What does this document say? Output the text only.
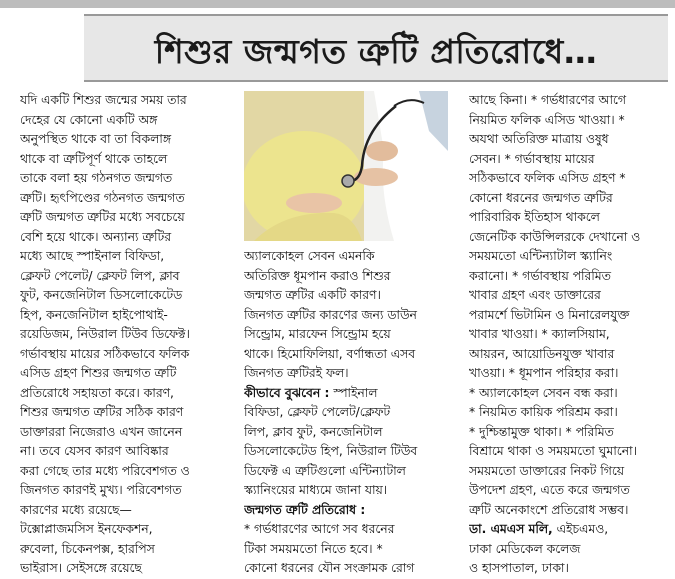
শিশুর জন্মগত ত্রুটি প্রতিরোধে…

যদি একটি শিশুর জন্মের সময় তার

দেহের যে কোনো একটি অঙ্গ

অনুপস্থিত থাকে বা তা বিকলাঙ্গ

থাকে বা ত্রুটিপূর্ণ থাকে তাহলে

তাকে বলা হয় গঠনগত জন্মগত

ত্রুটি। হৃৎপিণ্ডের গঠনগত জন্মগত

ত্রুটি জন্মগত ত্রুটির মধ্যে সবচেয়ে

বেশি হয়ে থাকে। অন্যান্য ত্রুটির

মধ্যে আছে স্পাইনাল বিফিডা,

ক্লেফট পেলেট/ ক্লেফট লিপ, ক্লাব

ফুট, কনজেনিটাল ডিসলোকেটেড

হিপ, কনজেনিটাল হাইপোথাই-

রয়েডিজম, নিউরাল টিউব ডিফেক্ট।

গর্ভাবস্থায় মায়ের সঠিকভাবে ফলিক

এসিড গ্রহণ শিশুর জন্মগত ত্রুটি

প্রতিরোধে সহায়তা করে। কারণ,

শিশুর জন্মগত ত্রুটির সঠিক কারণ

ডাক্তাররা নিজেরাও এখন জানেন

না। তবে যেসব কারণ আবিষ্কার

করা গেছে তার মধ্যে পরিবেশগত ও

জিনগত কারণই মুখ্য। পরিবেশগত

কারণের মধ্যে রয়েছে—

টক্সোপ্লাজমসিস ইনফেকশন,

রুবেলা, চিকেনপক্স, হারপিস

ভাইরাস। সেইসঙ্গে রয়েছে

অ্যালকোহল সেবন এমনকি

অতিরিক্ত ধূমপান করাও শিশুর

জন্মগত ত্রুটির একটি কারণ।

জিনগত ত্রুটির কারণের জন্য ডাউন

সিন্ড্রোম, মারফেন সিন্ড্রোম হয়ে

থাকে। হিমোফিলিয়া, বর্ণান্ধতা এসব

জিনগত ত্রুটিরই ফল।

কীভাবে বুঝবেন : স্পাইনাল

বিফিডা, ক্লেফট পেলেট/ক্লেফট

লিপ, ক্লাব ফুট, কনজেনিটাল

ডিসলোকেটেড হিপ, নিউরাল টিউব

ডিফেক্ট এ ত্রুটিগুলো এন্টিন্যাটাল

স্ক্যানিংয়ের মাধ্যমে জানা যায়।

জন্মগত ত্রুটি প্রতিরোধ :

* গর্ভধারণের আগে সব ধরনের

টিকা সময়মতো নিতে হবে। *

কোনো ধরনের যৌন সংক্রামক রোগ

আছে কিনা। * গর্ভধারণের আগে

নিয়মিত ফলিক এসিড খাওয়া। *

অযথা অতিরিক্ত মাত্রায় ওষুধ

সেবন। * গর্ভাবস্থায় মায়ের

সঠিকভাবে ফলিক এসিড গ্রহণ *

কোনো ধরনের জন্মগত ত্রুটির

পারিবারিক ইতিহাস থাকলে

জেনেটিক কাউন্সিলরকে দেখানো ও

সময়মতো এন্টিন্যাটাল স্ক্যানিং

করানো। * গর্ভাবস্থায় পরিমিত

খাবার গ্রহণ এবং ডাক্তারের

পরামর্শে ভিটামিন ও মিনারেলযুক্ত

খাবার খাওয়া। * ক্যালসিয়াম,

আয়রন, আয়োডিনযুক্ত খাবার

খাওয়া। * ধূমপান পরিহার করা।

* অ্যালকোহল সেবন বন্ধ করা।

* নিয়মিত কায়িক পরিশ্রম করা।

* দুশ্চিন্তামুক্ত থাকা। * পরিমিত

বিশ্রামে থাকা ও সময়মতো ঘুমানো।

সময়মতো ডাক্তারের নিকট গিয়ে

উপদেশ গ্রহণ, এতে করে জন্মগত

ত্রুটি অনেকাংশে প্রতিরোধ সম্ভব।

ডা. এমএস মলি, এইচএমও,

ঢাকা মেডিকেল কলেজ

ও হাসপাতাল, ঢাকা।
